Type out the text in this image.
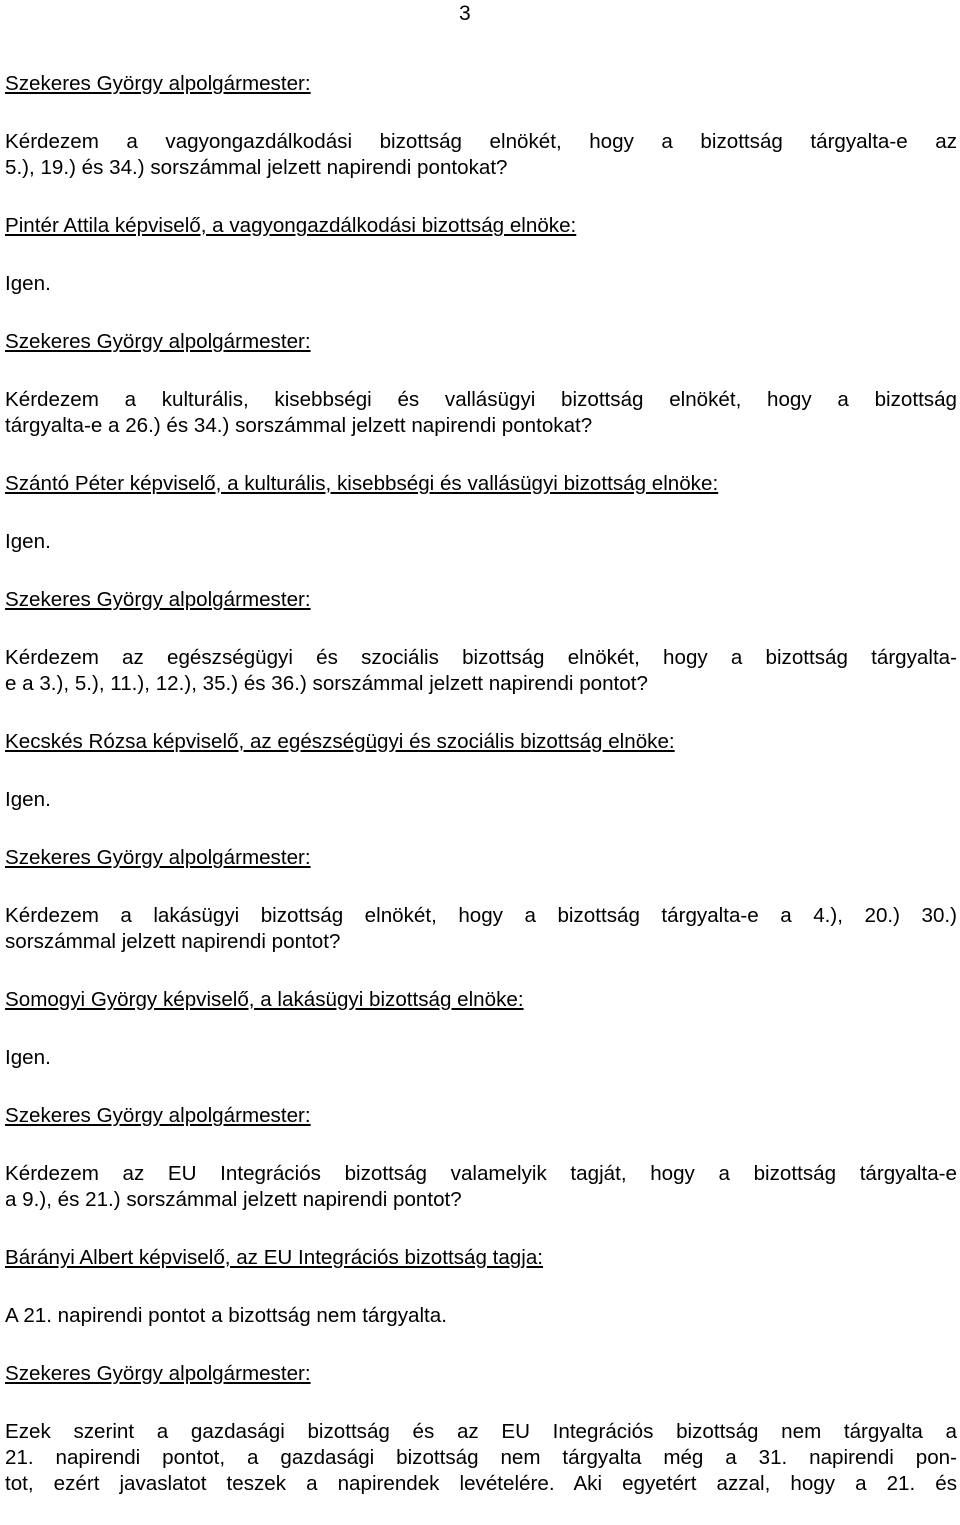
3

Szekeres György alpolgármester:

Kérdezem a vagyongazdálkodási bizottság elnökét, hogy a bizottság tárgyalta-e az
5.), 19.) és 34.) sorszámmal jelzett napirendi pontokat?

Pintér Attila képviselő, a vagyongazdálkodási bizottság elnöke:

Igen.

Szekeres György alpolgármester:

Kérdezem a kulturális, kisebbségi és vallásügyi bizottság elnökét, hogy a bizottság
tárgyalta-e a 26.) és 34.) sorszámmal jelzett napirendi pontokat?

Szántó Péter képviselő, a kulturális, kisebbségi és vallásügyi bizottság elnöke:

Igen.

Szekeres György alpolgármester:

Kérdezem az egészségügyi és szociális bizottság elnökét, hogy a bizottság tárgyalta-
e a 3.), 5.), 11.), 12.), 35.) és 36.) sorszámmal jelzett napirendi pontot?

Kecskés Rózsa képviselő, az egészségügyi és szociális bizottság elnöke:

Igen.

Szekeres György alpolgármester:

Kérdezem a lakásügyi bizottság elnökét, hogy a bizottság tárgyalta-e a 4.), 20.) 30.)
sorszámmal jelzett napirendi pontot?

Somogyi György képviselő, a lakásügyi bizottság elnöke:

Igen.

Szekeres György alpolgármester:

Kérdezem az EU Integrációs bizottság valamelyik tagját, hogy a bizottság tárgyalta-e
a 9.), és 21.) sorszámmal jelzett napirendi pontot?

Bárányi Albert képviselő, az EU Integrációs bizottság tagja:

A 21. napirendi pontot a bizottság nem tárgyalta.

Szekeres György alpolgármester:

Ezek szerint a gazdasági bizottság és az EU Integrációs bizottság nem tárgyalta a
21. napirendi pontot, a gazdasági bizottság nem tárgyalta még a 31. napirendi pon-
tot, ezért javaslatot teszek a napirendek levételére. Aki egyetért azzal, hogy a 21. és
